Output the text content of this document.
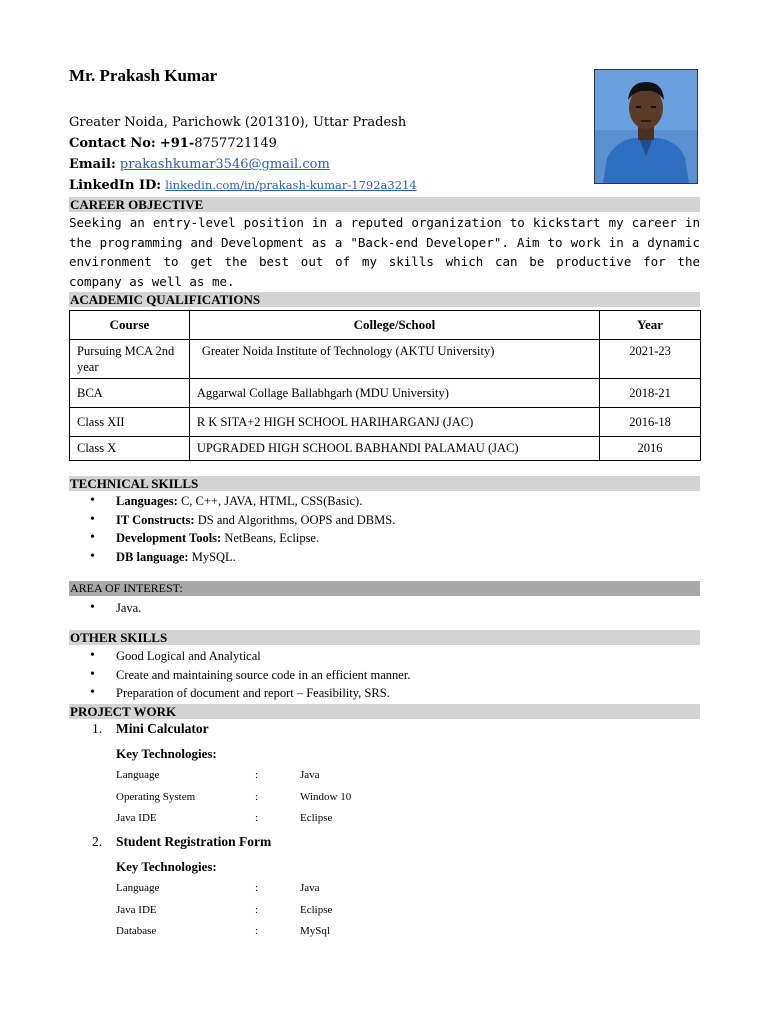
Mr. Prakash Kumar
Greater Noida, Parichowk (201310), Uttar Pradesh
Contact No: +91-8757721149
Email: prakashkumar3546@gmail.com
LinkedIn ID: linkedin.com/in/prakash-kumar-1792a3214
CAREER OBJECTIVE
Seeking an entry-level position in a reputed organization to kickstart my career in the programming and Development as a "Back-end Developer". Aim to work in a dynamic environment to get the best out of my skills which can be productive for the company as well as me.
ACADEMIC QUALIFICATIONS
Course	College/School	Year
Pursuing MCA 2nd year	Greater Noida Institute of Technology (AKTU University)	2021-23
BCA	Aggarwal Collage Ballabhgarh (MDU University)	2018-21
Class XII	R K SITA+2 HIGH SCHOOL HARIHARGANJ (JAC)	2016-18
Class X	UPGRADED HIGH SCHOOL BABHANDI PALAMAU (JAC)	2016
TECHNICAL SKILLS
• Languages: C, C++, JAVA, HTML, CSS(Basic).
• IT Constructs: DS and Algorithms, OOPS and DBMS.
• Development Tools: NetBeans, Eclipse.
• DB language: MySQL.
AREA OF INTEREST:
• Java.
OTHER SKILLS
• Good Logical and Analytical
• Create and maintaining source code in an efficient manner.
• Preparation of document and report – Feasibility, SRS.
PROJECT WORK
1. Mini Calculator
Key Technologies:
Language	:	Java
Operating System	:	Window 10
Java IDE	:	Eclipse
2. Student Registration Form
Key Technologies:
Language	:	Java
Java IDE	:	Eclipse
Database	:	MySql
